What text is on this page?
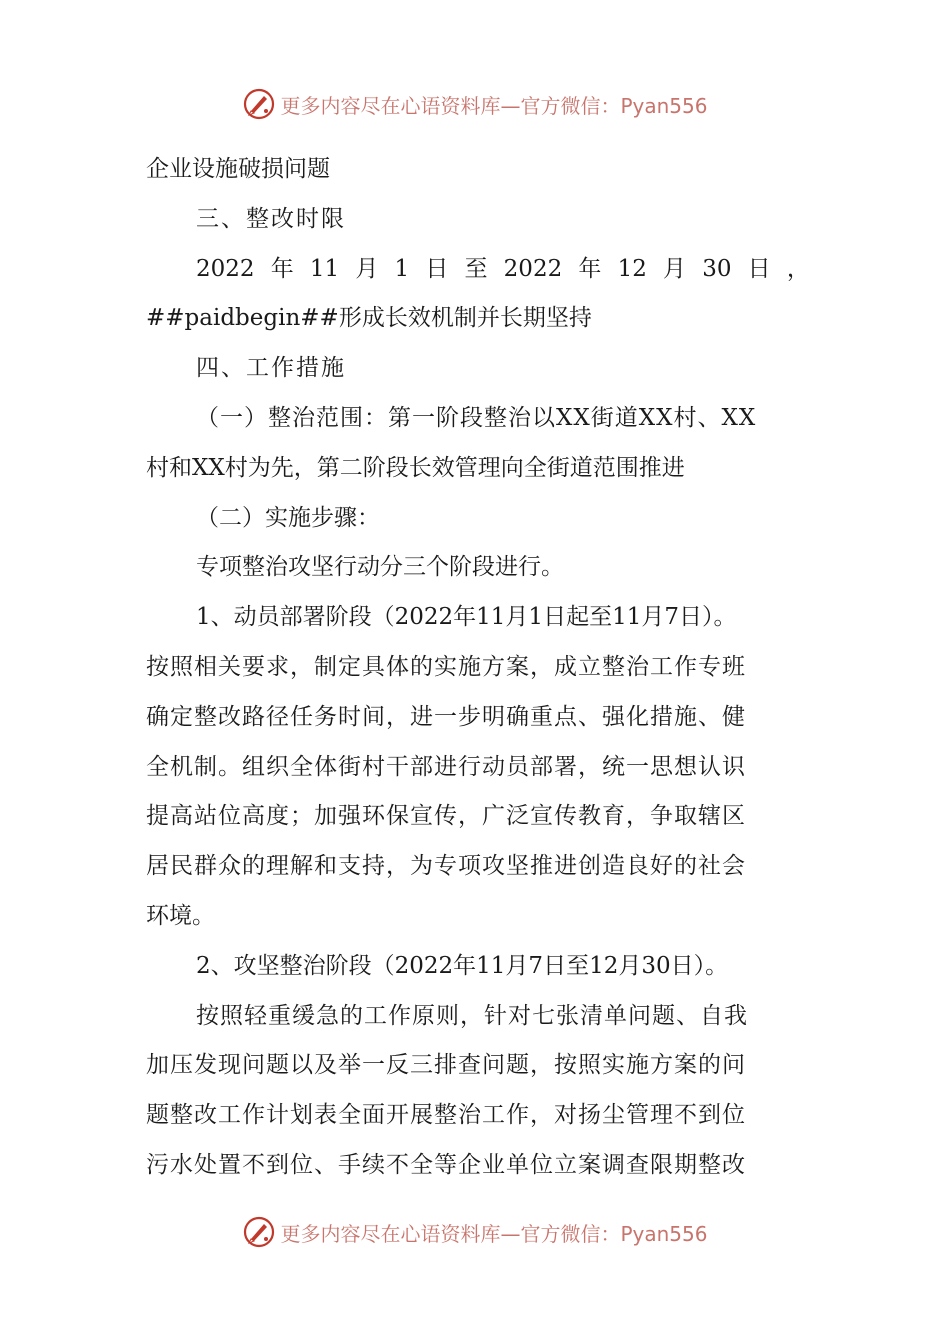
更多内容尽在心语资料库—官方微信：Pyan556
企业设施破损问题
三、整改时限
2022 年 11 月 1 日 至 2022 年 12 月 30 日 ，
##paidbegin##形成长效机制并长期坚持
四、工作措施
（一）整治范围：第一阶段整治以XX街道XX村、XX
村和XX村为先，第二阶段长效管理向全街道范围推进
（二）实施步骤：
专项整治攻坚行动分三个阶段进行。
1、动员部署阶段（2022年11月1日起至11月7日）。
按照相关要求，制定具体的实施方案，成立整治工作专班
确定整改路径任务时间，进一步明确重点、强化措施、健
全机制。组织全体街村干部进行动员部署，统一思想认识
提高站位高度；加强环保宣传，广泛宣传教育，争取辖区
居民群众的理解和支持，为专项攻坚推进创造良好的社会
环境。
2、攻坚整治阶段（2022年11月7日至12月30日）。
按照轻重缓急的工作原则，针对七张清单问题、自我
加压发现问题以及举一反三排查问题，按照实施方案的问
题整改工作计划表全面开展整治工作，对扬尘管理不到位
污水处置不到位、手续不全等企业单位立案调查限期整改
更多内容尽在心语资料库—官方微信：Pyan556
